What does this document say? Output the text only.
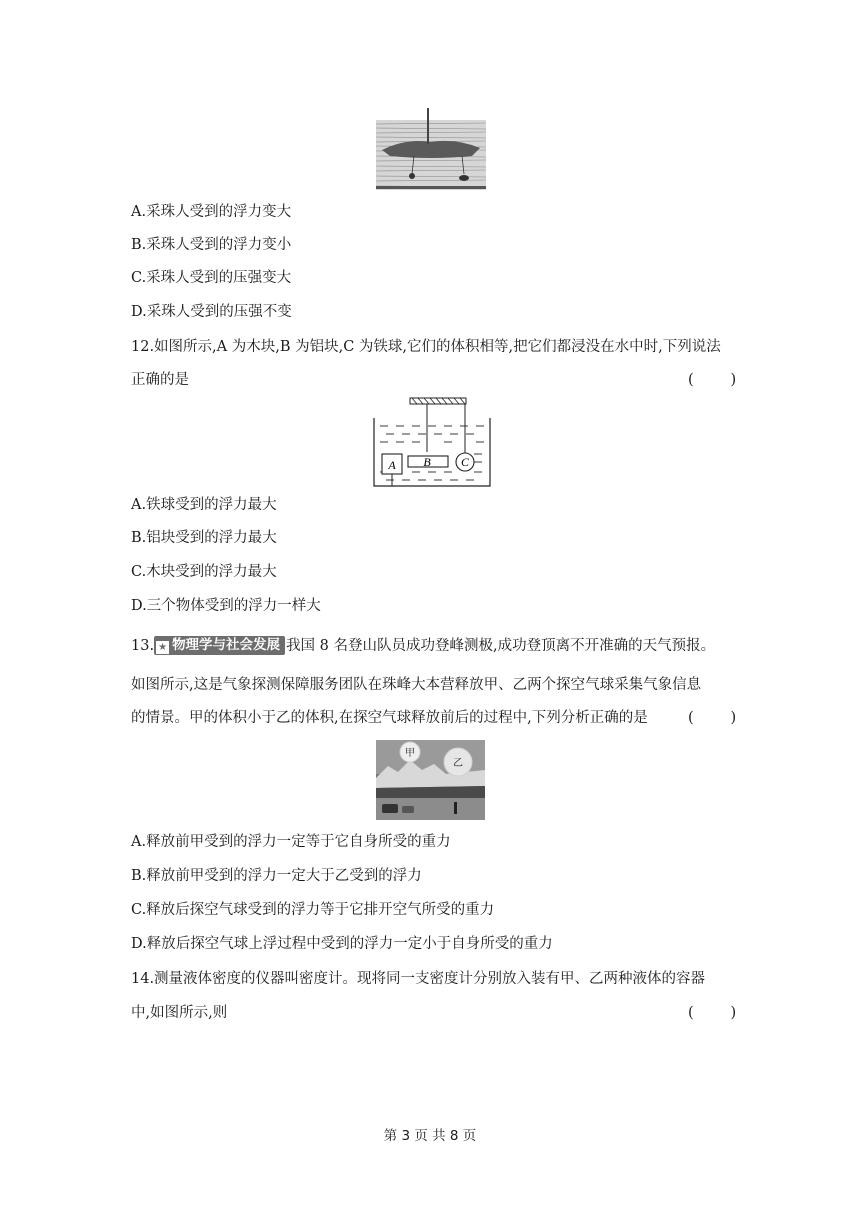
A.采珠人受到的浮力变大
B.采珠人受到的浮力变小
C.采珠人受到的压强变大
D.采珠人受到的压强不变
12.如图所示,A 为木块,B 为铝块,C 为铁球,它们的体积相等,把它们都浸没在水中时,下列说法
正确的是	(        )
A B	C
A.铁球受到的浮力最大
B.铝块受到的浮力最大
C.木块受到的浮力最大
D.三个物体受到的浮力一样大
13. ★ 物理学与社会发展 我国 8 名登山队员成功登峰测极,成功登顶离不开准确的天气预报。
如图所示,这是气象探测保障服务团队在珠峰大本营释放甲、乙两个探空气球采集气象信息
的情景。甲的体积小于乙的体积,在探空气球释放前后的过程中,下列分析正确的是	(        )
甲
乙
A.释放前甲受到的浮力一定等于它自身所受的重力
B.释放前甲受到的浮力一定大于乙受到的浮力
C.释放后探空气球受到的浮力等于它排开空气所受的重力
D.释放后探空气球上浮过程中受到的浮力一定小于自身所受的重力
14.测量液体密度的仪器叫密度计。现将同一支密度计分别放入装有甲、乙两种液体的容器
中,如图所示,则	(        )
第 3 页 共 8 页
